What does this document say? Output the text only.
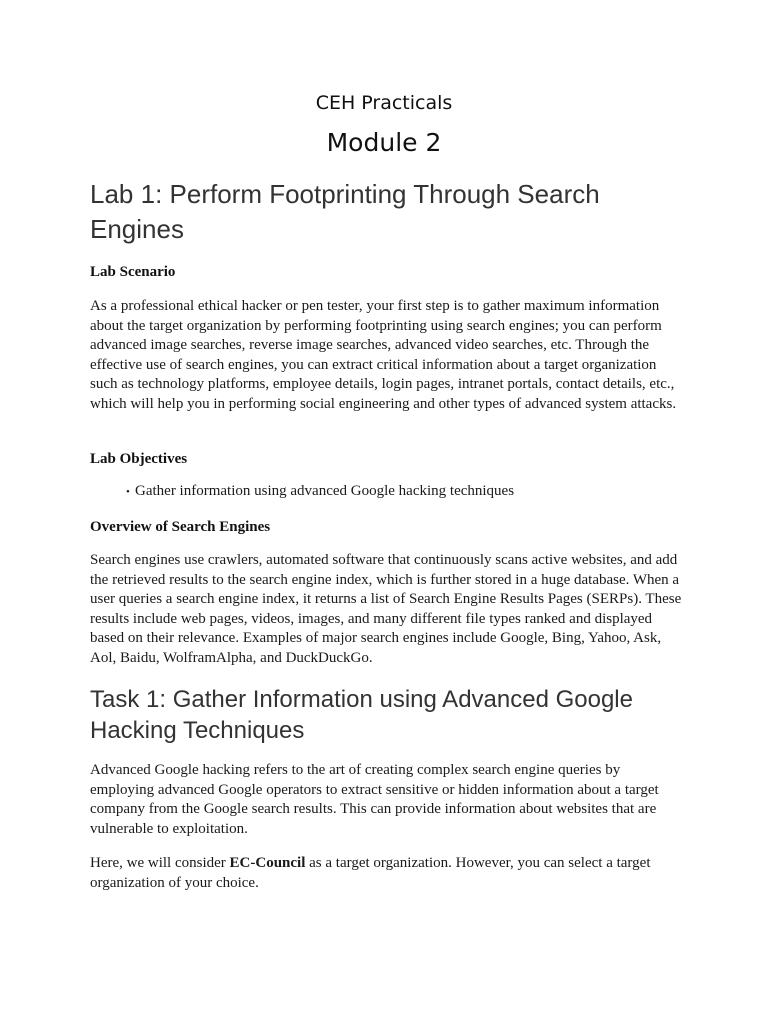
CEH Practicals
Module 2
Lab 1: Perform Footprinting Through Search Engines

Lab Scenario

As a professional ethical hacker or pen tester, your first step is to gather maximum information about the target organization by performing footprinting using search engines; you can perform advanced image searches, reverse image searches, advanced video searches, etc. Through the effective use of search engines, you can extract critical information about a target organization such as technology platforms, employee details, login pages, intranet portals, contact details, etc., which will help you in performing social engineering and other types of advanced system attacks.

Lab Objectives

• Gather information using advanced Google hacking techniques

Overview of Search Engines

Search engines use crawlers, automated software that continuously scans active websites, and add the retrieved results to the search engine index, which is further stored in a huge database. When a user queries a search engine index, it returns a list of Search Engine Results Pages (SERPs). These results include web pages, videos, images, and many different file types ranked and displayed based on their relevance. Examples of major search engines include Google, Bing, Yahoo, Ask, Aol, Baidu, WolframAlpha, and DuckDuckGo.

Task 1: Gather Information using Advanced Google Hacking Techniques

Advanced Google hacking refers to the art of creating complex search engine queries by employing advanced Google operators to extract sensitive or hidden information about a target company from the Google search results. This can provide information about websites that are vulnerable to exploitation.

Here, we will consider EC-Council as a target organization. However, you can select a target organization of your choice.
